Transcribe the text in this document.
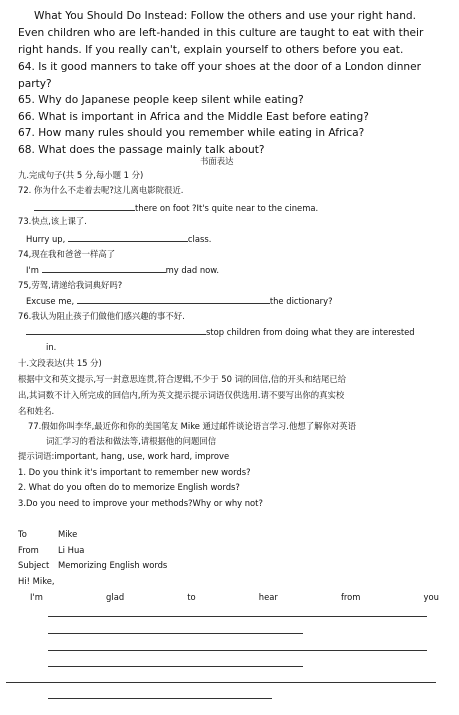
What You Should Do Instead: Follow the others and use your right hand.
Even children who are left-handed in this culture are taught to eat with their
right hands. If you really can't, explain yourself to others before you eat.
64. Is it good manners to take off your shoes at the door of a London dinner
party?
65. Why do Japanese people keep silent while eating?
66. What is important in Africa and the Middle East before eating?
67. How many rules should you remember while eating in Africa?
68. What does the passage mainly talk about?
书面表达
九.完成句子(共 5 分,每小题 1 分)
72. 你为什么不走着去呢?这儿离电影院很近.
there on foot ?It's quite near to the cinema.
73.快点,该上课了.
Hurry up,	class.
74,现在我和爸爸一样高了
I'm	my dad now.
75,劳驾,请递给我词典好吗?
Excuse me,	the dictionary?
76.我认为阻止孩子们做他们感兴趣的事不好.
stop children from doing what they are interested
in.
十.文段表达(共 15 分)
根据中文和英文提示,写一封意思连贯,符合逻辑,不少于 50 词的回信,信的开头和结尾已给
出,其词数不计入所完成的回信内,所为英文提示提示词语仅供选用.请不要写出你的真实校
名和姓名.
77.假如你叫李华,最近你和你的美国笔友 Mike 通过邮件谈论语言学习.他想了解你对英语
词汇学习的看法和做法等,请根据他的问题回信
提示词语:important, hang, use, work hard, improve
1. Do you think it's important to remember new words?
2. What do you often do to memorize English words?
3.Do you need to improve your methods?Why or why not?
To	Mike
From Li Hua
Subject Memorizing English words
Hi! Mike,
I'm	glad	to	hear	from	you
